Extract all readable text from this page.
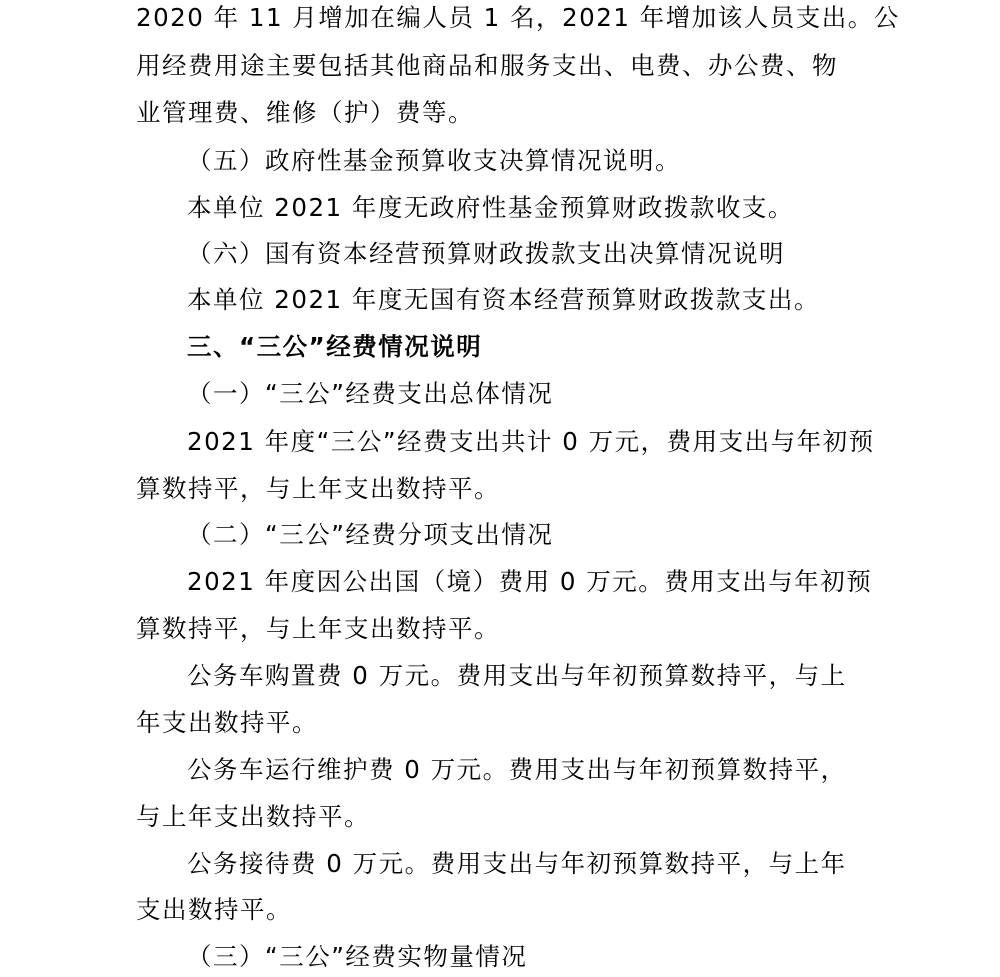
2020 年 11 月增加在编人员 1 名，2021 年增加该人员支出。公
用经费用途主要包括其他商品和服务支出、电费、办公费、物
业管理费、维修（护）费等。
（五）政府性基金预算收支决算情况说明。
本单位 2021 年度无政府性基金预算财政拨款收支。
（六）国有资本经营预算财政拨款支出决算情况说明
本单位 2021 年度无国有资本经营预算财政拨款支出。
三、“三公”经费情况说明
（一）“三公”经费支出总体情况
2021 年度“三公”经费支出共计 0 万元，费用支出与年初预
算数持平，与上年支出数持平。
（二）“三公”经费分项支出情况
2021 年度因公出国（境）费用 0 万元。费用支出与年初预
算数持平，与上年支出数持平。
公务车购置费 0 万元。费用支出与年初预算数持平，与上
年支出数持平。
公务车运行维护费 0 万元。费用支出与年初预算数持平，
与上年支出数持平。
公务接待费 0 万元。费用支出与年初预算数持平，与上年
支出数持平。
（三）“三公”经费实物量情况
